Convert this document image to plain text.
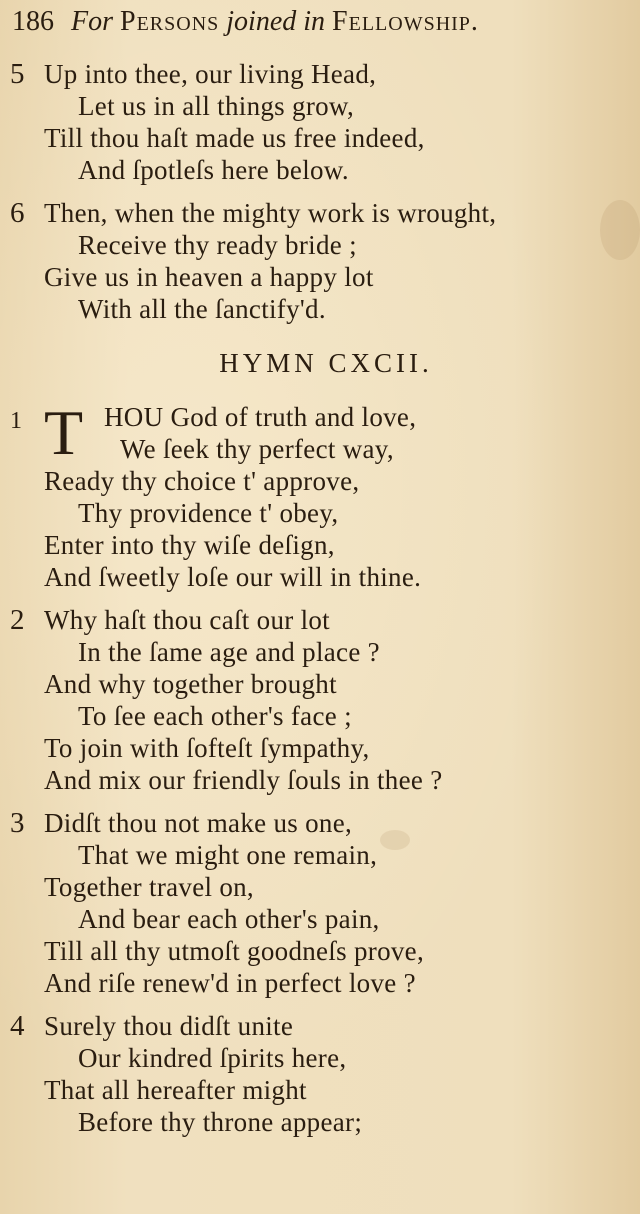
186 For Persons joined in Fellowship.
5 Up into thee, our living Head,
Let us in all things grow,
Till thou haſt made us free indeed,
And ſpotleſs here below.
6 Then, when the mighty work is wrought,
Receive thy ready bride ;
Give us in heaven a happy lot
With all the ſanctify'd.
HYMN CXCII.
1 T HOU God of truth and love,
We ſeek thy perfect way,
Ready thy choice t' approve,
Thy providence t' obey,
Enter into thy wiſe deſign,
And ſweetly loſe our will in thine.
2 Why haſt thou caſt our lot
In the ſame age and place ?
And why together brought
To ſee each other's face ;
To join with ſofteſt ſympathy,
And mix our friendly ſouls in thee ?
3 Didſt thou not make us one,
That we might one remain,
Together travel on,
And bear each other's pain,
Till all thy utmoſt goodneſs prove,
And riſe renew'd in perfect love ?
4 Surely thou didſt unite
Our kindred ſpirits here,
That all hereafter might
Before thy throne appear;
